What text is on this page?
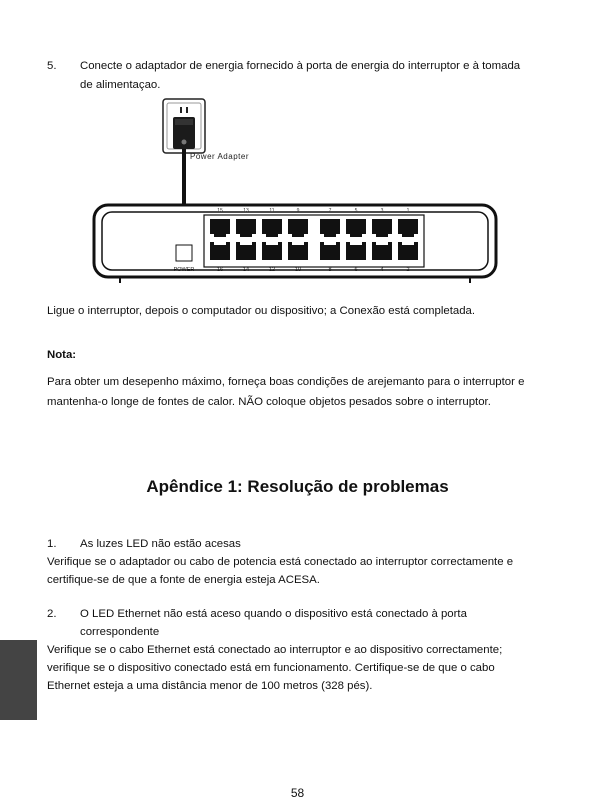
5. Conecte o adaptador de energia fornecido à porta de energia do interruptor e à tomada
de alimentaçao.
15	13	11	9	7	5	3	1
POWER	16	14	12	10	8	6	4	2
Power Adapter
Ligue o interruptor, depois o computador ou dispositivo; a Conexão está completada.
Nota:
Para obter um desepenho máximo, forneça boas condições de arejemanto para o interruptor e
mantenha-o longe de fontes de calor. NÃO coloque objetos pesados sobre o interruptor.
Apêndice 1: Resolução de problemas
1. As luzes LED não estão acesas
Verifique se o adaptador ou cabo de potencia está conectado ao interruptor correctamente e
certifique-se de que a fonte de energia esteja ACESA.
2. O LED Ethernet não está aceso quando o dispositivo está conectado à porta
correspondente
Verifique se o cabo Ethernet está conectado ao interruptor e ao dispositivo correctamente;
verifique se o dispositivo conectado está em funcionamento. Certifique-se de que o cabo
Ethernet esteja a uma distância menor de 100 metros (328 pés).
58
